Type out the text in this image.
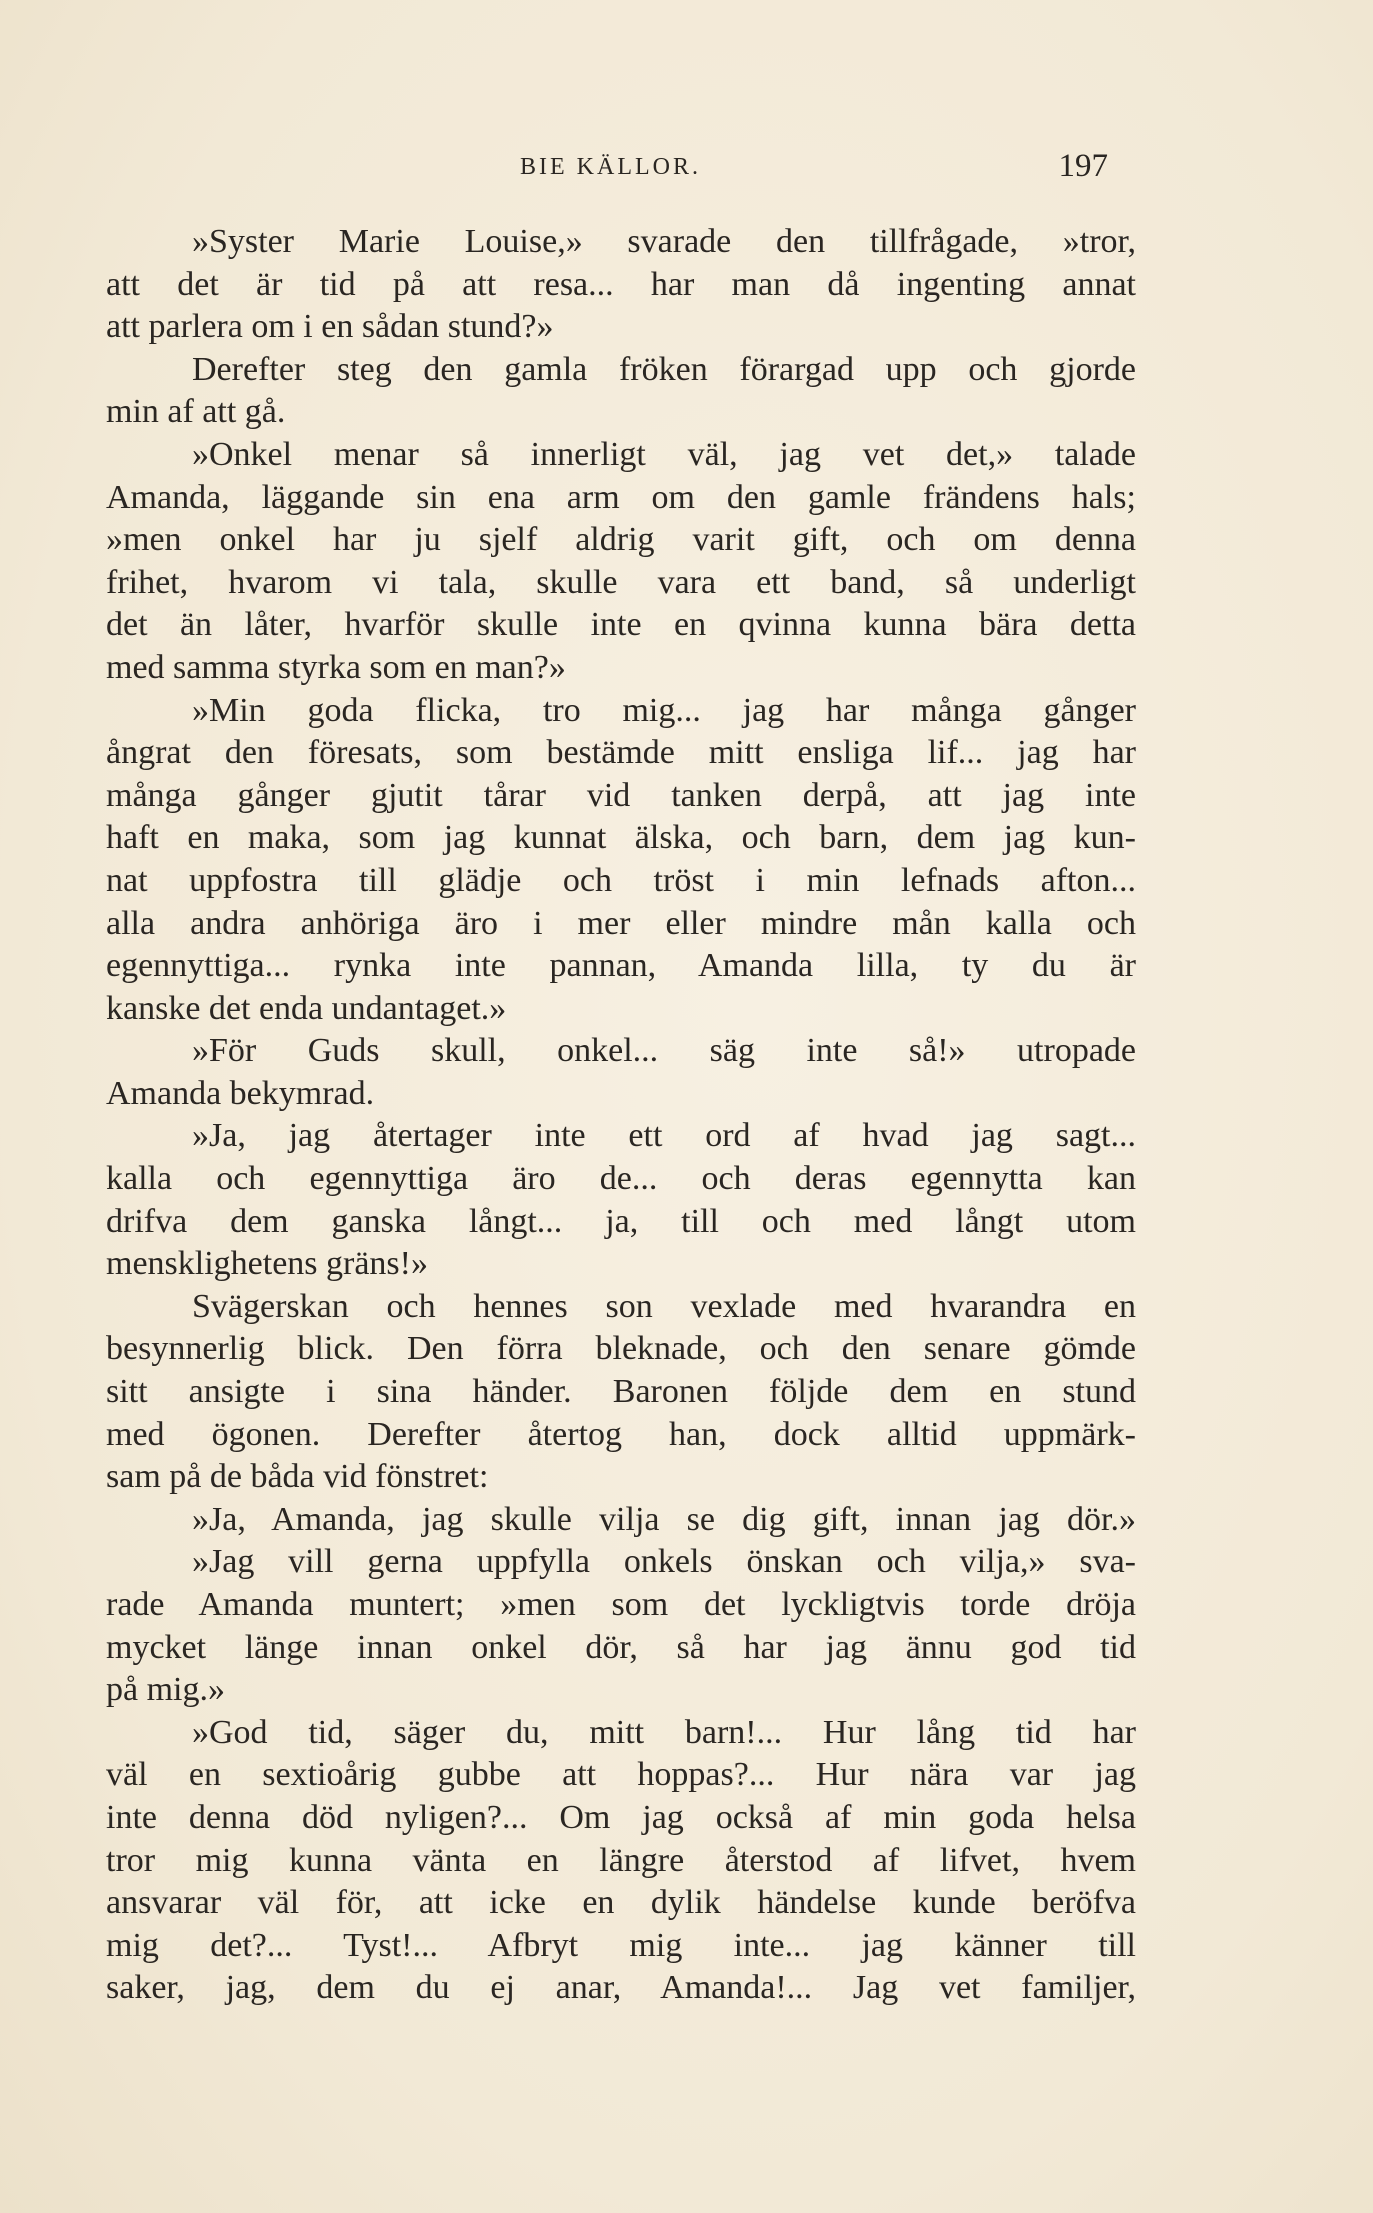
BIE KÄLLOR.	197
»Syster Marie Louise,» svarade den tillfrågade, »tror,
att det är tid på att resa... har man då ingenting annat
att parlera om i en sådan stund?»
Derefter steg den gamla fröken förargad upp och gjorde
min af att gå.
»Onkel menar så innerligt väl, jag vet det,» talade
Amanda, läggande sin ena arm om den gamle frändens hals;
»men onkel har ju sjelf aldrig varit gift, och om denna
frihet, hvarom vi tala, skulle vara ett band, så underligt
det än låter, hvarför skulle inte en qvinna kunna bära detta
med samma styrka som en man?»
»Min goda flicka, tro mig... jag har många gånger
ångrat den föresats, som bestämde mitt ensliga lif... jag har
många gånger gjutit tårar vid tanken derpå, att jag inte
haft en maka, som jag kunnat älska, och barn, dem jag kun-
nat uppfostra till glädje och tröst i min lefnads afton...
alla andra anhöriga äro i mer eller mindre mån kalla och
egennyttiga... rynka inte pannan, Amanda lilla, ty du är
kanske det enda undantaget.»
»För Guds skull, onkel... säg inte så!» utropade
Amanda bekymrad.
»Ja, jag återtager inte ett ord af hvad jag sagt...
kalla och egennyttiga äro de... och deras egennytta kan
drifva dem ganska långt... ja, till och med långt utom
mensklighetens gräns!»
Svägerskan och hennes son vexlade med hvarandra en
besynnerlig blick. Den förra bleknade, och den senare gömde
sitt ansigte i sina händer. Baronen följde dem en stund
med ögonen. Derefter återtog han, dock alltid uppmärk-
sam på de båda vid fönstret:
»Ja, Amanda, jag skulle vilja se dig gift, innan jag dör.»
»Jag vill gerna uppfylla onkels önskan och vilja,» sva-
rade Amanda muntert; »men som det lyckligtvis torde dröja
mycket länge innan onkel dör, så har jag ännu god tid
på mig.»
»God tid, säger du, mitt barn!... Hur lång tid har
väl en sextioårig gubbe att hoppas?... Hur nära var jag
inte denna död nyligen?... Om jag också af min goda helsa
tror mig kunna vänta en längre återstod af lifvet, hvem
ansvarar väl för, att icke en dylik händelse kunde beröfva
mig det?... Tyst!... Afbryt mig inte... jag känner till
saker, jag, dem du ej anar, Amanda!... Jag vet familjer,
